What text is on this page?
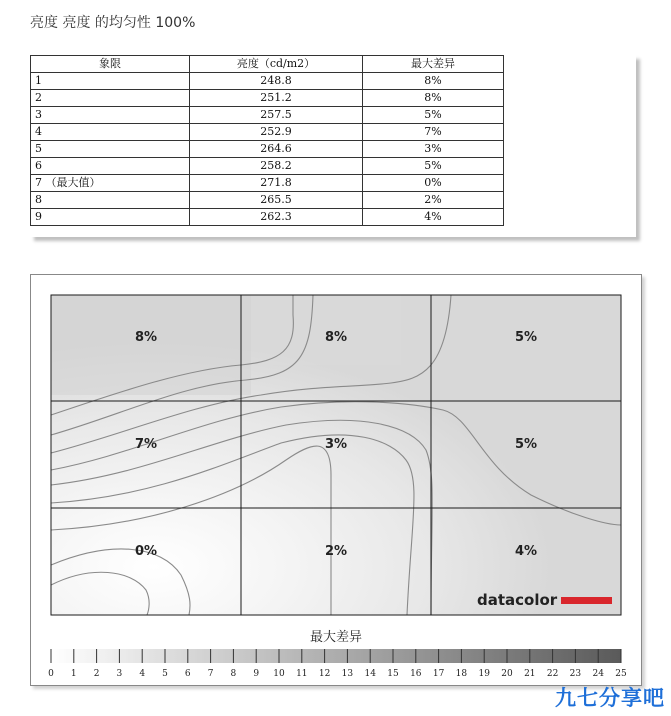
亮度 亮度 的均匀性 100%
象限	亮度（cd/m2）	最大差异
1	248.8	8%
2	251.2	8%
3	257.5	5%
4	252.9	7%
5	264.6	3%
6	258.2	5%
7 （最大值）	271.8	0%
8	265.5	2%
9	262.3	4%
8%	8%	5%
7%	3%	5%
0%	2%	4%
datacolor
最大差异
0 1 2 3 4 5 6 7 8 9 10 11 12 13 14 15 16 17 18 19 20 21 22 23 24 25
九七分享吧
